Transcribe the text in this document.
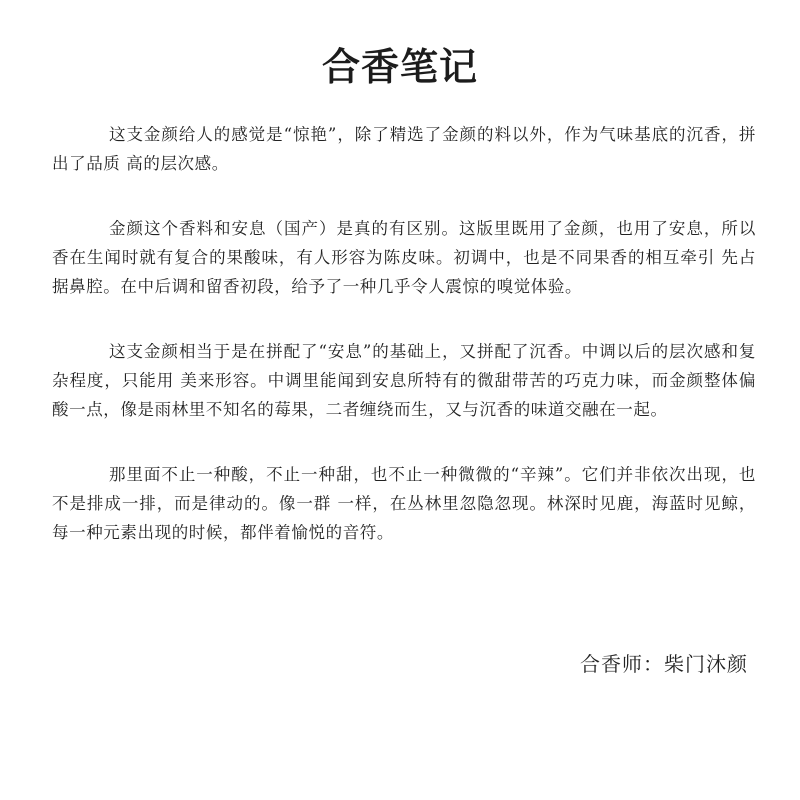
合香笔记

这支金颜给人的感觉是“惊艳”，除了精选了金颜的料以外，作为气味基底的沉香，拼出了品质 高的层次感。

金颜这个香料和安息（国产）是真的有区别。这版里既用了金颜，也用了安息，所以香在生闻时就有复合的果酸味，有人形容为陈皮味。初调中，也是不同果香的相互牵引 先占据鼻腔。在中后调和留香初段，给予了一种几乎令人震惊的嗅觉体验。

这支金颜相当于是在拼配了“安息”的基础上，又拼配了沉香。中调以后的层次感和复杂程度，只能用 美来形容。中调里能闻到安息所特有的微甜带苦的巧克力味，而金颜整体偏酸一点，像是雨林里不知名的莓果，二者缠绕而生，又与沉香的味道交融在一起。

那里面不止一种酸，不止一种甜，也不止一种微微的“辛辣”。它们并非依次出现，也不是排成一排，而是律动的。像一群 一样，在丛林里忽隐忽现。林深时见鹿，海蓝时见鲸，每一种元素出现的时候，都伴着愉悦的音符。

合香师：柴门沐颜
